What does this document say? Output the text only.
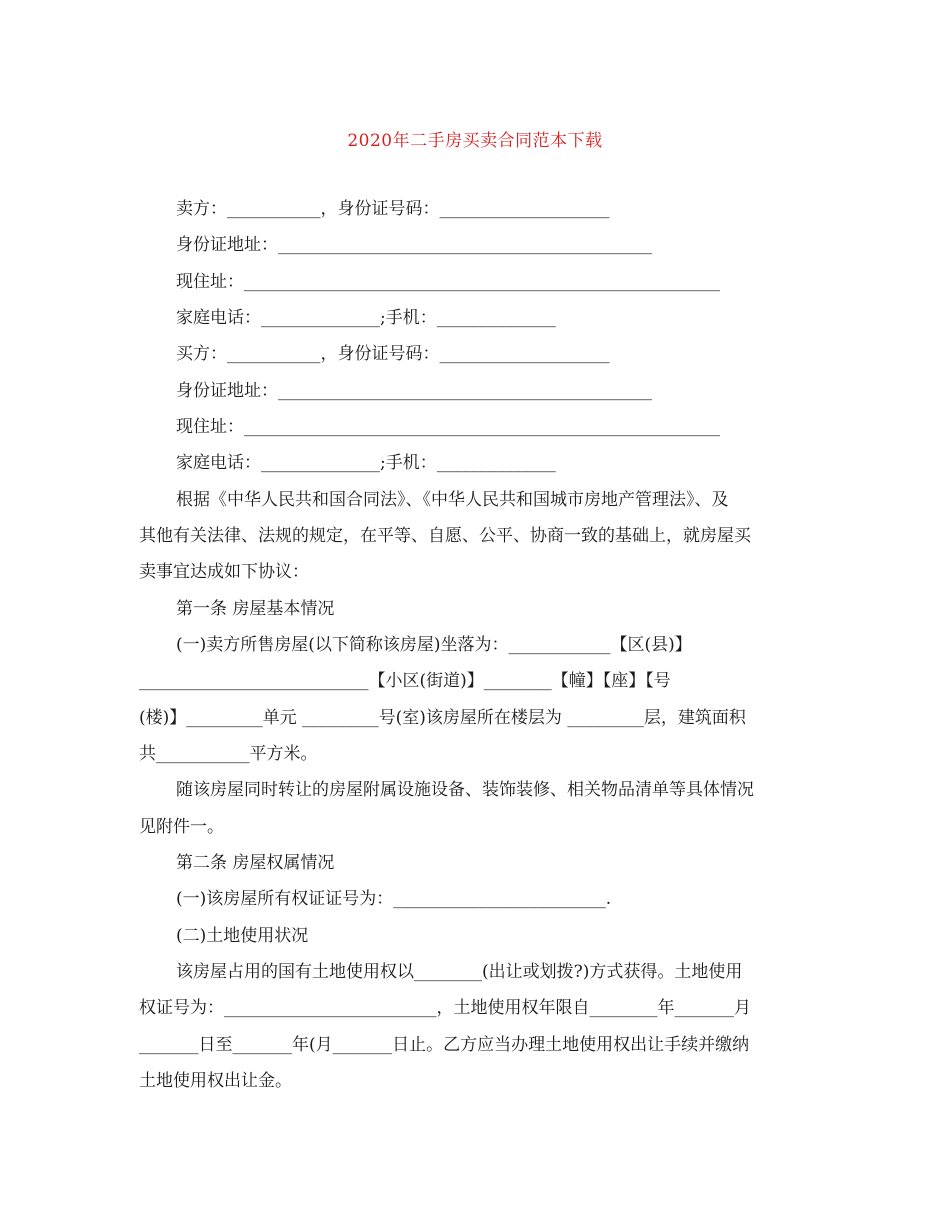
2020年二手房买卖合同范本下载
卖方：___________，身份证号码：____________________
身份证地址：____________________________________________
现住址：________________________________________________________
家庭电话：______________;手机：______________
买方：___________，身份证号码：____________________
身份证地址：____________________________________________
现住址：________________________________________________________
家庭电话：______________;手机：______________
根据《中华人民共和国合同法》、《中华人民共和国城市房地产管理法》、及
其他有关法律、法规的规定，在平等、自愿、公平、协商一致的基础上，就房屋买
卖事宜达成如下协议：
第一条 房屋基本情况
(一)卖方所售房屋(以下简称该房屋)坐落为：____________【区(县)】
___________________________【小区(街道)】________【幢】【座】【号
(楼)】_________单元 _________号(室)该房屋所在楼层为 _________层，建筑面积
共___________平方米。
随该房屋同时转让的房屋附属设施设备、装饰装修、相关物品清单等具体情况
见附件一。
第二条 房屋权属情况
(一)该房屋所有权证证号为：_________________________.
(二)土地使用状况
该房屋占用的国有土地使用权以________(出让或划拨?)方式获得。土地使用
权证号为：_________________________，土地使用权年限自________年_______月
_______日至_______年(月_______日止。乙方应当办理土地使用权出让手续并缴纳
土地使用权出让金。
